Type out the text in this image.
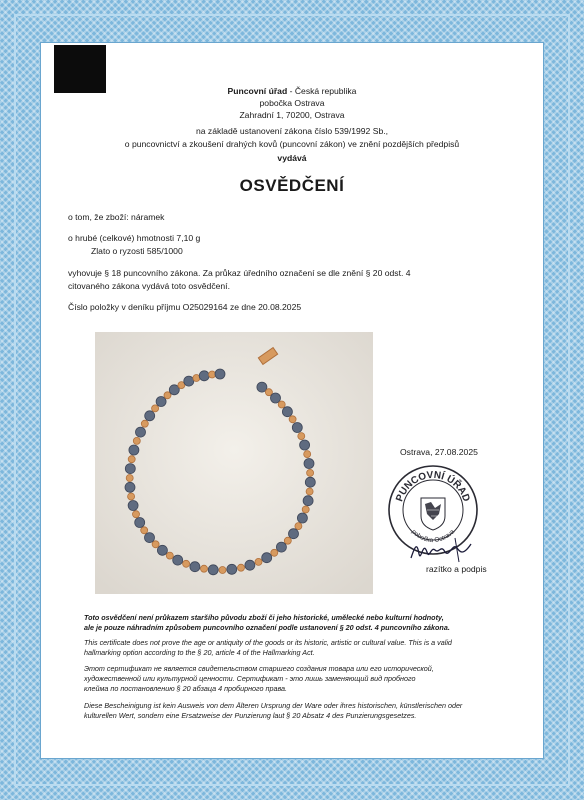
Puncovní úřad - Česká republika
pobočka Ostrava
Zahradní 1, 70200, Ostrava
na základě ustanovení zákona číslo 539/1992 Sb.,
o puncovnictví a zkoušení drahých kovů (puncovní zákon) ve znění pozdějších předpisů
vydává
OSVĚDČENÍ
o tom, že zboží: náramek
o hrubé (celkové) hmotnosti 7,10 g
Zlato o ryzosti 585/1000
vyhovuje § 18 puncovního zákona. Za průkaz úředního označení se dle znění § 20 odst. 4
citovaného zákona vydává toto osvědčení.
Číslo položky v deníku příjmu O25029164 ze dne 20.08.2025
Ostrava, 27.08.2025
PUNCOVNÍ ÚŘAD
pobočka Ostrava
razítko a podpis
Toto osvědčení není průkazem staršího původu zboží či jeho historické, umělecké nebo kulturní hodnoty,
ale je pouze náhradním způsobem puncovního označení podle ustanovení § 20 odst. 4 puncovního zákona.
This certificate does not prove the age or antiquity of the goods or its historic, artistic or cultural value. This is a valid
hallmarking option according to the § 20, article 4 of the Hallmarking Act.
Этот сертификат не является свидетельством старшего создания товара или его исторической,
художественной или культурной ценности. Сертификат - это лишь заменяющий вид пробного
клейма по постановлению § 20 абзаца 4 пробирного права.
Diese Bescheinigung ist kein Ausweis von dem Älteren Ursprung der Ware oder ihres historischen, künstlerischen oder
kulturellen Wert, sondern eine Ersatzweise der Punzierung laut § 20 Absatz 4 des Punzierungsgesetzes.
